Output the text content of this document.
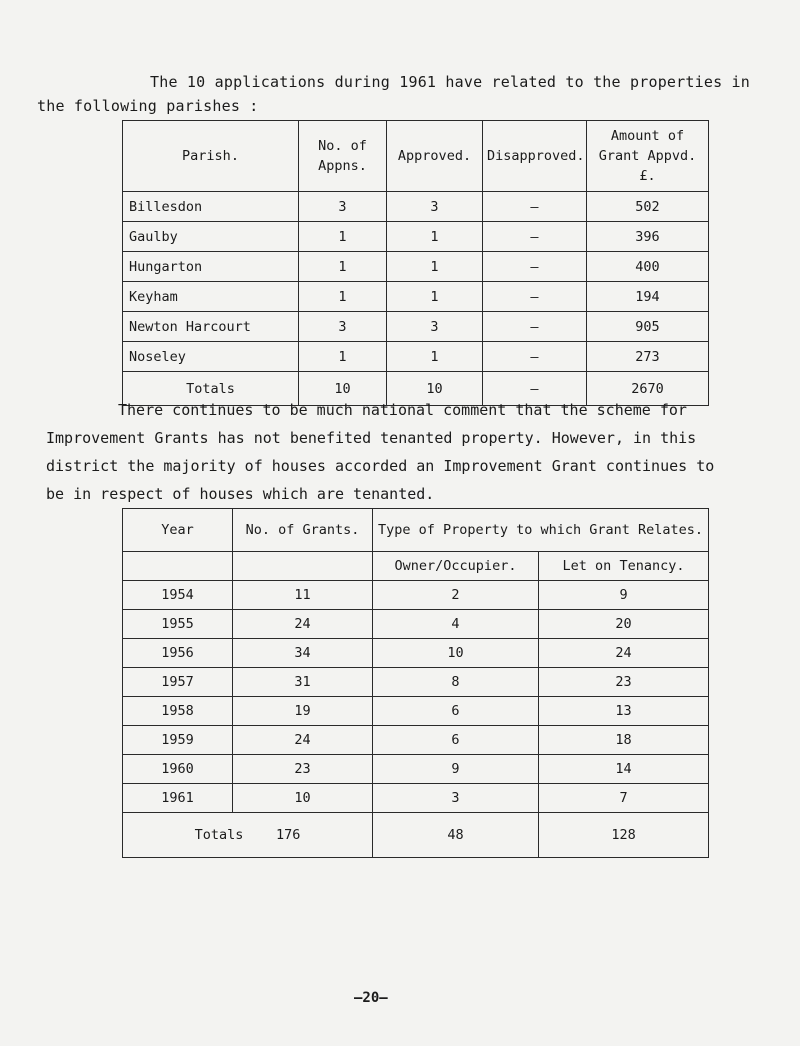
The 10 applications during 1961 have related to the properties in
the following parishes :
Parish.	No. of Appns.	Approved.	Disapproved.	Amount of Grant Appvd. £.
Billesdon	3	3	–	502
Gaulby	1	1	–	396
Hungarton	1	1	–	400
Keyham	1	1	–	194
Newton Harcourt	3	3	–	905
Noseley	1	1	–	273
Totals	10	10	–	2670
There continues to be much national comment that the scheme for
Improvement Grants has not benefited tenanted property. However, in this
district the majority of houses accorded an Improvement Grant continues to
be in respect of houses which are tenanted.
Year	No. of Grants.	Type of Property to which Grant Relates.	
		Owner/Occupier.	Let on Tenancy.
1954	11	2	9
1955	24	4	20
1956	34	10	24
1957	31	8	23
1958	19	6	13
1959	24	6	18
1960	23	9	14
1961	10	3	7
Totals 176		48	128
–20–
